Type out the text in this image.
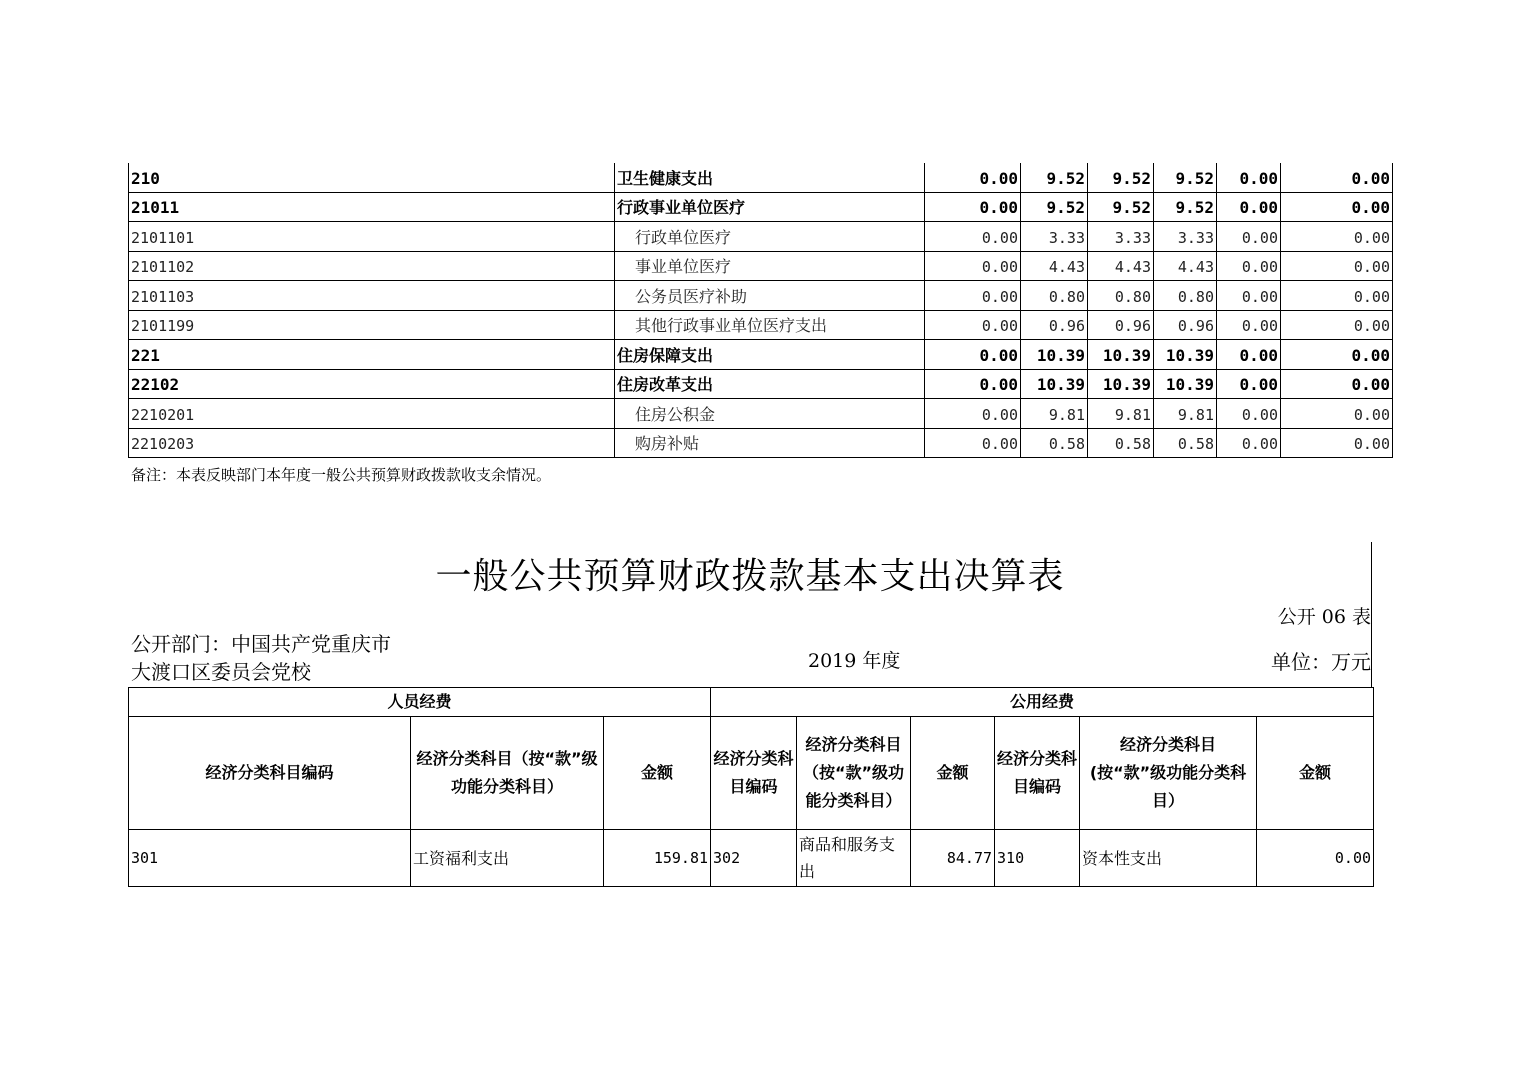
210	卫生健康支出	0.00	9.52	9.52	9.52	0.00	0.00
21011	行政事业单位医疗	0.00	9.52	9.52	9.52	0.00	0.00
2101101	行政单位医疗	0.00	3.33	3.33	3.33	0.00	0.00
2101102	事业单位医疗	0.00	4.43	4.43	4.43	0.00	0.00
2101103	公务员医疗补助	0.00	0.80	0.80	0.80	0.00	0.00
2101199	其他行政事业单位医疗支出	0.00	0.96	0.96	0.96	0.00	0.00
221	住房保障支出	0.00	10.39	10.39	10.39	0.00	0.00
22102	住房改革支出	0.00	10.39	10.39	10.39	0.00	0.00
2210201	住房公积金	0.00	9.81	9.81	9.81	0.00	0.00
2210203	购房补贴	0.00	0.58	0.58	0.58	0.00	0.00
备注：本表反映部门本年度一般公共预算财政拨款收支余情况。
一般公共预算财政拨款基本支出决算表
公开 06 表
公开部门：中国共产党重庆市
大渡口区委员会党校	2019 年度	单位：万元
人员经费			公用经费					
经济分类科目编码	经济分类科目（按“款”级功能分类科目）	金额	经济分类科目编码	经济分类科目（按“款”级功能分类科目）	金额	经济分类科目编码	经济分类科目(按“款”级功能分类科目）	金额
301	工资福利支出	159.81	302	商品和服务支出	84.77	310	资本性支出	0.00
